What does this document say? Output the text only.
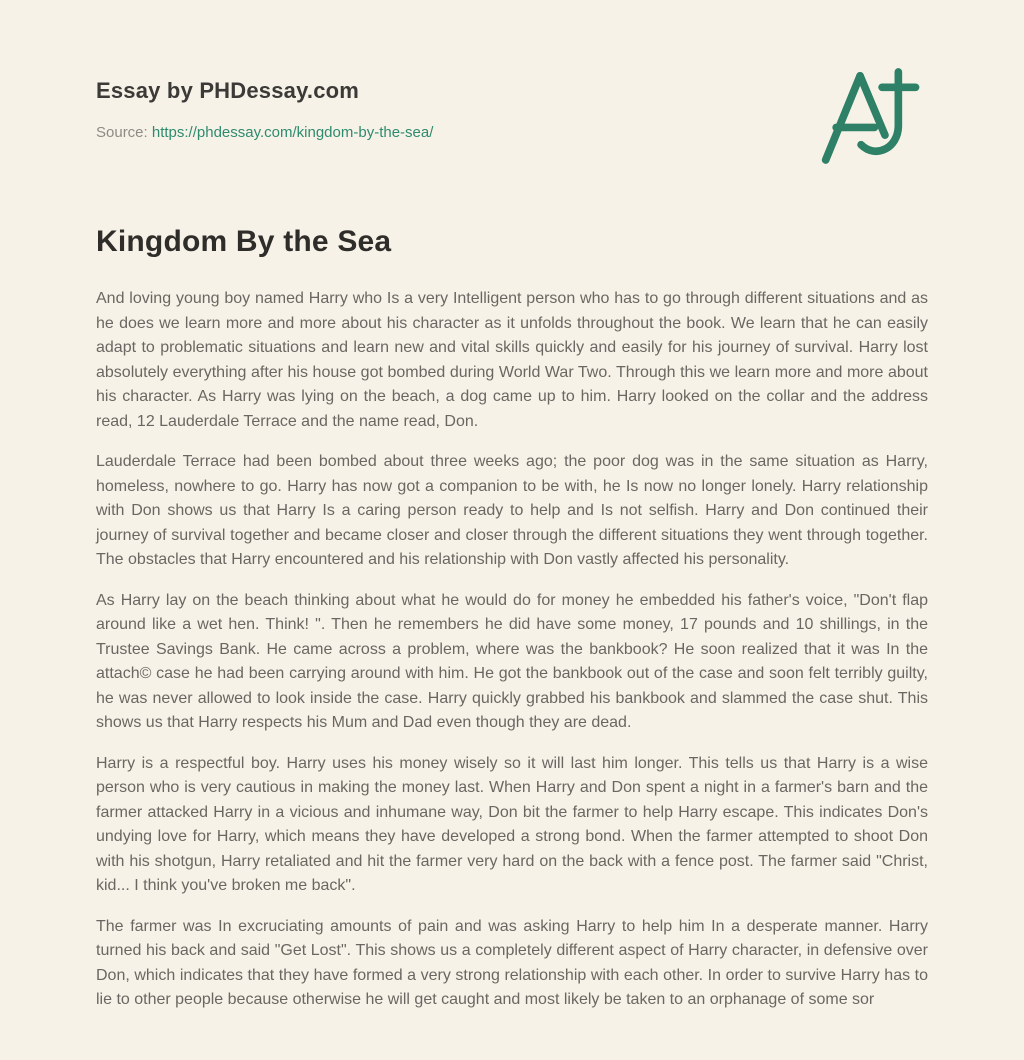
Essay by PHDessay.com
Source: https://phdessay.com/kingdom-by-the-sea/
Kingdom By the Sea

And loving young boy named Harry who Is a very Intelligent person who has to go through different situations and as he does we learn more and more about his character as it unfolds throughout the book. We learn that he can easily adapt to problematic situations and learn new and vital skills quickly and easily for his journey of survival. Harry lost absolutely everything after his house got bombed during World War Two. Through this we learn more and more about his character. As Harry was lying on the beach, a dog came up to him. Harry looked on the collar and the address read, 12 Lauderdale Terrace and the name read, Don.

Lauderdale Terrace had been bombed about three weeks ago; the poor dog was in the same situation as Harry, homeless, nowhere to go. Harry has now got a companion to be with, he Is now no longer lonely. Harry relationship with Don shows us that Harry Is a caring person ready to help and Is not selfish. Harry and Don continued their journey of survival together and became closer and closer through the different situations they went through together. The obstacles that Harry encountered and his relationship with Don vastly affected his personality.

As Harry lay on the beach thinking about what he would do for money he embedded his father's voice, "Don't flap around like a wet hen. Think! ". Then he remembers he did have some money, 17 pounds and 10 shillings, in the Trustee Savings Bank. He came across a problem, where was the bankbook? He soon realized that it was In the attach© case he had been carrying around with him. He got the bankbook out of the case and soon felt terribly guilty, he was never allowed to look inside the case. Harry quickly grabbed his bankbook and slammed the case shut. This shows us that Harry respects his Mum and Dad even though they are dead.

Harry is a respectful boy. Harry uses his money wisely so it will last him longer. This tells us that Harry is a wise person who is very cautious in making the money last. When Harry and Don spent a night in a farmer's barn and the farmer attacked Harry in a vicious and inhumane way, Don bit the farmer to help Harry escape. This indicates Don's undying love for Harry, which means they have developed a strong bond. When the farmer attempted to shoot Don with his shotgun, Harry retaliated and hit the farmer very hard on the back with a fence post. The farmer said "Christ, kid... I think you've broken me back".

The farmer was In excruciating amounts of pain and was asking Harry to help him In a desperate manner. Harry turned his back and said "Get Lost". This shows us a completely different aspect of Harry character, in defensive over Don, which indicates that they have formed a very strong relationship with each other. In order to survive Harry has to lie to other people because otherwise he will get caught and most likely be taken to an orphanage of some sor
